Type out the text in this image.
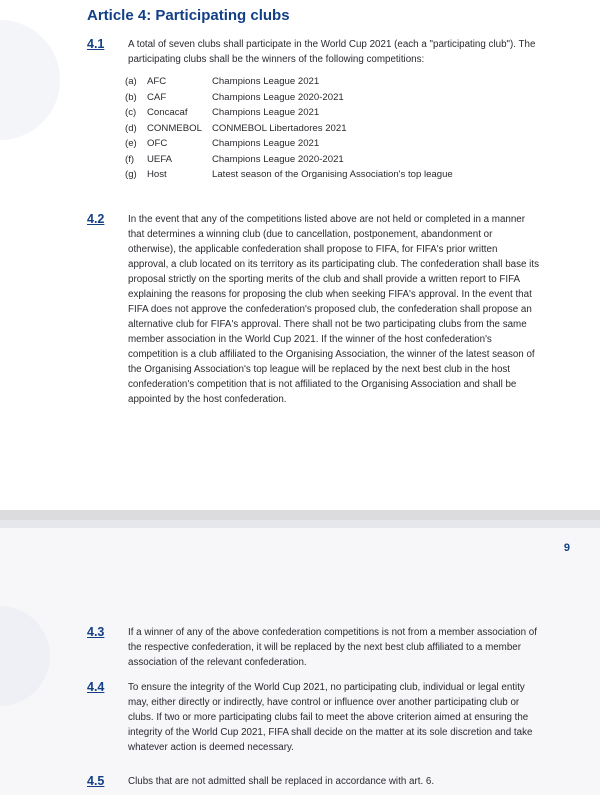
Article 4: Participating clubs
4.1 A total of seven clubs shall participate in the World Cup 2021 (each a "participating club"). The participating clubs shall be the winners of the following competitions:

(a)	AFC	Champions League 2021
(b)	CAF	Champions League 2020-2021
(c)	Concacaf	Champions League 2021
(d)	CONMEBOL	CONMEBOL Libertadores 2021
(e)	OFC	Champions League 2021
(f)	UEFA	Champions League 2020-2021
(g)	Host	Latest season of the Organising Association's top league
4.2 In the event that any of the competitions listed above are not held or completed in a manner that determines a winning club (due to cancellation, postponement, abandonment or otherwise), the applicable confederation shall propose to FIFA, for FIFA's prior written approval, a club located on its territory as its participating club. The confederation shall base its proposal strictly on the sporting merits of the club and shall provide a written report to FIFA explaining the reasons for proposing the club when seeking FIFA's approval. In the event that FIFA does not approve the confederation's proposed club, the confederation shall propose an alternative club for FIFA's approval. There shall not be two participating clubs from the same member association in the World Cup 2021. If the winner of the host confederation's competition is a club affiliated to the Organising Association, the winner of the latest season of the Organising Association's top league will be replaced by the next best club in the host confederation's competition that is not affiliated to the Organising Association and shall be appointed by the host confederation.

9
4.3 If a winner of any of the above confederation competitions is not from a member association of the respective confederation, it will be replaced by the next best club affiliated to a member association of the relevant confederation.

4.4 To ensure the integrity of the World Cup 2021, no participating club, individual or legal entity may, either directly or indirectly, have control or influence over another participating club or clubs. If two or more participating clubs fail to meet the above criterion aimed at ensuring the integrity of the World Cup 2021, FIFA shall decide on the matter at its sole discretion and take whatever action is deemed necessary.

4.5 Clubs that are not admitted shall be replaced in accordance with art. 6.
